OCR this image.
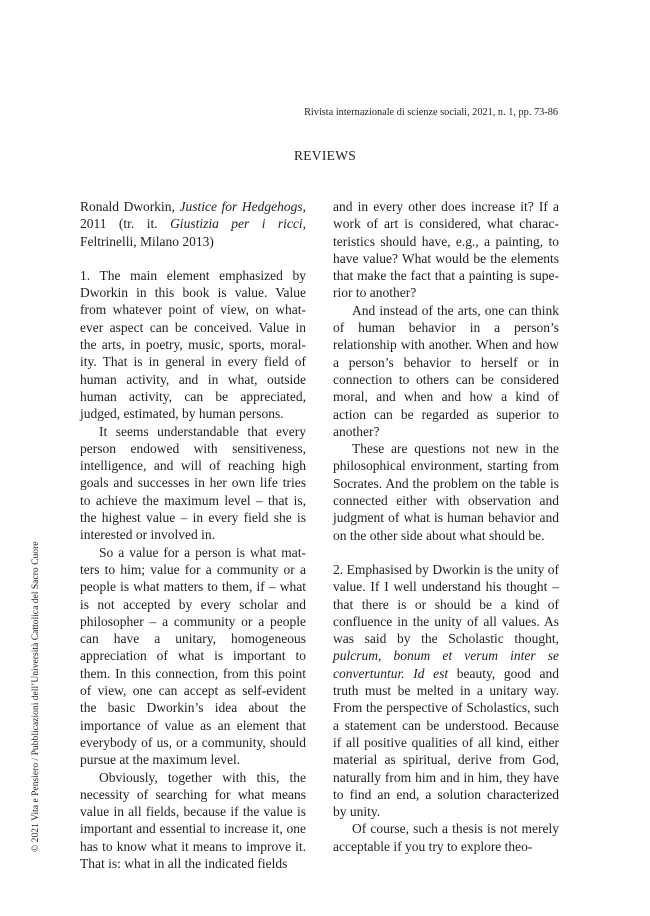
Rivista internazionale di scienze sociali, 2021, n. 1, pp. 73-86
REVIEWS
© 2021 Vita e Pensiero / Pubblicazioni dell’Università Cattolica del Sacro Cuore

Ronald Dworkin, Justice for Hedgehogs, 2011 (tr. it. Giustizia per i ricci, Feltrinelli, Milano 2013)

1. The main element emphasized by Dworkin in this book is value. Value from whatever point of view, on whatever aspect can be conceived. Value in the arts, in poetry, music, sports, morality. That is in general in every field of human activity, and in what, outside human activity, can be appreciated, judged, estimated, by human persons.

It seems understandable that every person endowed with sensitiveness, intelligence, and will of reaching high goals and successes in her own life tries to achieve the maximum level – that is, the highest value – in every field she is interested or involved in.

So a value for a person is what matters to him; value for a community or a people is what matters to them, if – what is not accepted by every scholar and philosopher – a community or a people can have a unitary, homogeneous appreciation of what is important to them. In this connection, from this point of view, one can accept as self-evident the basic Dworkin’s idea about the importance of value as an element that everybody of us, or a community, should pursue at the maximum level.

Obviously, together with this, the necessity of searching for what means value in all fields, because if the value is important and essential to increase it, one has to know what it means to improve it. That is: what in all the indicated fields

and in every other does increase it? If a work of art is considered, what characteristics should have, e.g., a painting, to have value? What would be the elements that make the fact that a painting is superior to another?

And instead of the arts, one can think of human behavior in a person’s relationship with another. When and how a person’s behavior to herself or in connection to others can be considered moral, and when and how a kind of action can be regarded as superior to another?

These are questions not new in the philosophical environment, starting from Socrates. And the problem on the table is connected either with observation and judgment of what is human behavior and on the other side about what should be.

2. Emphasised by Dworkin is the unity of value. If I well understand his thought – that there is or should be a kind of confluence in the unity of all values. As was said by the Scholastic thought, pulcrum, bonum et verum inter se convertuntur. Id est beauty, good and truth must be melted in a unitary way. From the perspective of Scholastics, such a statement can be understood. Because if all positive qualities of all kind, either material as spiritual, derive from God, naturally from him and in him, they have to find an end, a solution characterized by unity.

Of course, such a thesis is not merely acceptable if you try to explore theo-
